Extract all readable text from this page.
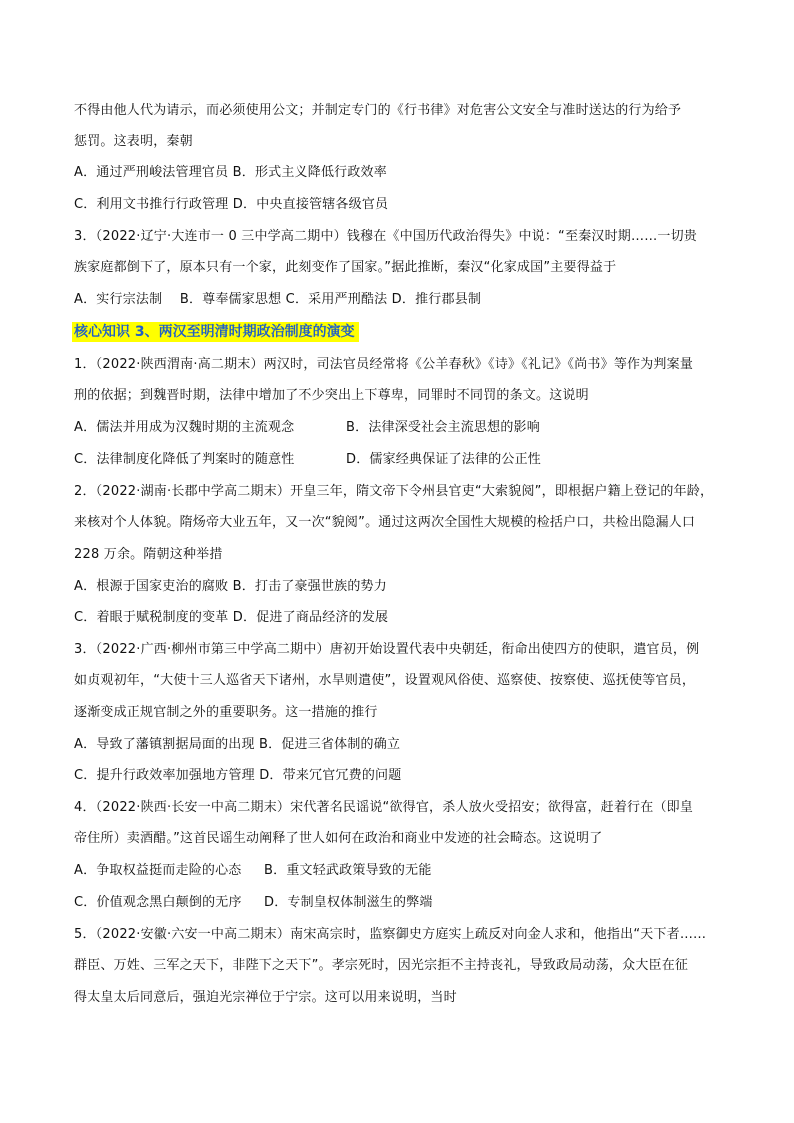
不得由他人代为请示，而必须使用公文；并制定专门的《行书律》对危害公文安全与准时送达的行为给予
惩罚。这表明，秦朝
A．通过严刑峻法管理官员 B．形式主义降低行政效率
C．利用文书推行行政管理 D．中央直接管辖各级官员
3．（2022·辽宁·大连市一 0 三中学高二期中）钱穆在《中国历代政治得失》中说：“至秦汉时期……一切贵
族家庭都倒下了，原本只有一个家，此刻变作了国家。”据此推断，秦汉“化家成国”主要得益于
A．实行宗法制　 B．尊奉儒家思想 C．采用严刑酷法 D．推行郡县制
核心知识 3、两汉至明清时期政治制度的演变
1．（2022·陕西渭南·高二期末）两汉时，司法官员经常将《公羊春秋》《诗》《礼记》《尚书》等作为判案量
刑的依据；到魏晋时期，法律中增加了不少突出上下尊卑，同罪时不同罚的条文。这说明
A．儒法并用成为汉魏时期的主流观念	B．法律深受社会主流思想的影响
C．法律制度化降低了判案时的随意性	D．儒家经典保证了法律的公正性
2．（2022·湖南·长郡中学高二期末）开皇三年，隋文帝下令州县官吏“大索貌阅”，即根据户籍上登记的年龄，
来核对个人体貌。隋炀帝大业五年，又一次“貌阅”。通过这两次全国性大规模的检括户口，共检出隐漏人口
228 万余。隋朝这种举措
A．根源于国家吏治的腐败 B．打击了豪强世族的势力
C．着眼于赋税制度的变革 D．促进了商品经济的发展
3．（2022·广西·柳州市第三中学高二期中）唐初开始设置代表中央朝廷，衔命出使四方的使职，遣官员，例
如贞观初年，“大使十三人巡省天下诸州，水旱则遣使”，设置观风俗使、巡察使、按察使、巡抚使等官员，
逐渐变成正规官制之外的重要职务。这一措施的推行
A．导致了藩镇割据局面的出现 B．促进三省体制的确立
C．提升行政效率加强地方管理 D．带来冗官冗费的问题
4．（2022·陕西·长安一中高二期末）宋代著名民谣说“欲得官，杀人放火受招安；欲得富，赶着行在（即皇
帝住所）卖酒醋。”这首民谣生动阐释了世人如何在政治和商业中发迹的社会畸态。这说明了
A．争取权益挺而走险的心态 B．重文轻武政策导致的无能
C．价值观念黑白颠倒的无序 D．专制皇权体制滋生的弊端
5．（2022·安徽·六安一中高二期末）南宋高宗时，监察御史方庭实上疏反对向金人求和，他指出“天下者……
群臣、万姓、三军之天下，非陛下之天下”。孝宗死时，因光宗拒不主持丧礼，导致政局动荡，众大臣在征
得太皇太后同意后，强迫光宗禅位于宁宗。这可以用来说明，当时
